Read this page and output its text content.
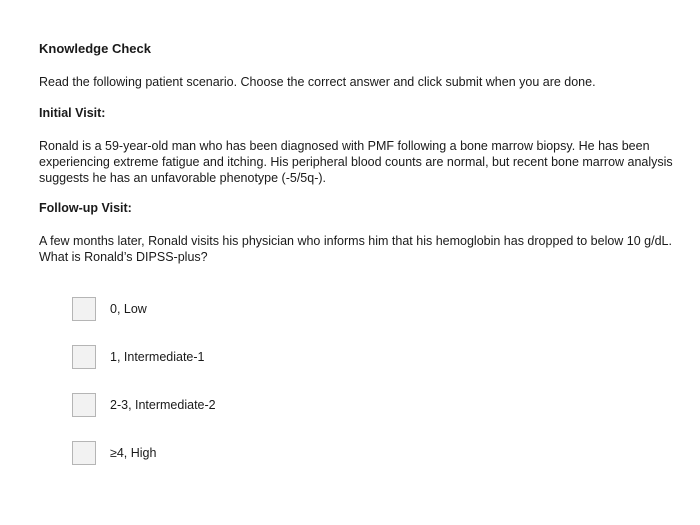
Knowledge Check

Read the following patient scenario. Choose the correct answer and click submit when you are done.

Initial Visit:

Ronald is a 59-year-old man who has been diagnosed with PMF following a bone marrow biopsy. He has been experiencing extreme fatigue and itching. His peripheral blood counts are normal, but recent bone marrow analysis suggests he has an unfavorable phenotype (-5/5q-).

Follow-up Visit:

A few months later, Ronald visits his physician who informs him that his hemoglobin has dropped to below 10 g/dL. What is Ronald’s DIPSS-plus?

0, Low
1, Intermediate-1
2-3, Intermediate-2
≥4, High
